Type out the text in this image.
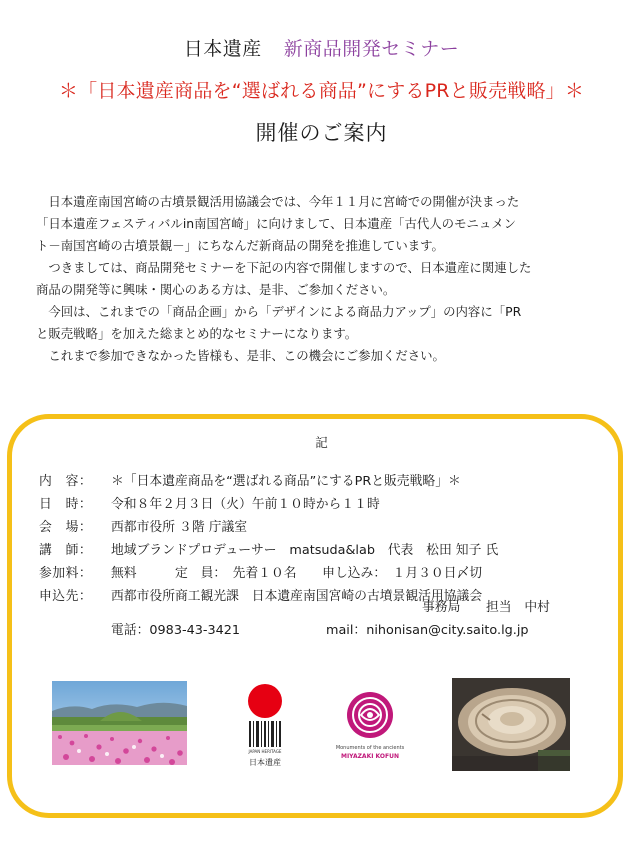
日本遺産 新商品開発セミナー
＊「日本遺産商品を“選ばれる商品”にするPRと販売戦略」＊
開催のご案内

　日本遺産南国宮崎の古墳景観活用協議会では、今年１１月に宮崎での開催が決まった

「日本遺産フェスティバルin南国宮崎」に向けまして、日本遺産「古代人のモニュメン

ト－南国宮崎の古墳景観－」にちなんだ新商品の開発を推進しています。

　つきましては、商品開発セミナーを下記の内容で開催しますので、日本遺産に関連した

商品の開発等に興味・関心のある方は、是非、ご参加ください。

　今回は、これまでの「商品企画」から「デザインによる商品力アップ」の内容に「PR

と販売戦略」を加えた総まとめ的なセミナーになります。

　これまで参加できなかった皆様も、是非、この機会にご参加ください。

記
内　容：	＊「日本遺産商品を“選ばれる商品”にするPRと販売戦略」＊
日　時：	令和８年２月３日（火）午前１０時から１１時
会　場：	西都市役所 ３階 庁議室
講　師：	地域ブランドプロデューサー　matsuda&lab　代表　松田 知子 氏
参加料：	無料　　　定　員：　先着１０名　　申し込み：　１月３０日〆切
申込先：	西都市役所商工観光課　日本遺産南国宮崎の古墳景観活用協議会
事務局　　担当　中村
電話：0983-43-3421	mail：nihonisan@city.saito.lg.jp
JAPAN HERITAGE
日本遺産
Monuments of the ancients
MIYAZAKI KOFUN
